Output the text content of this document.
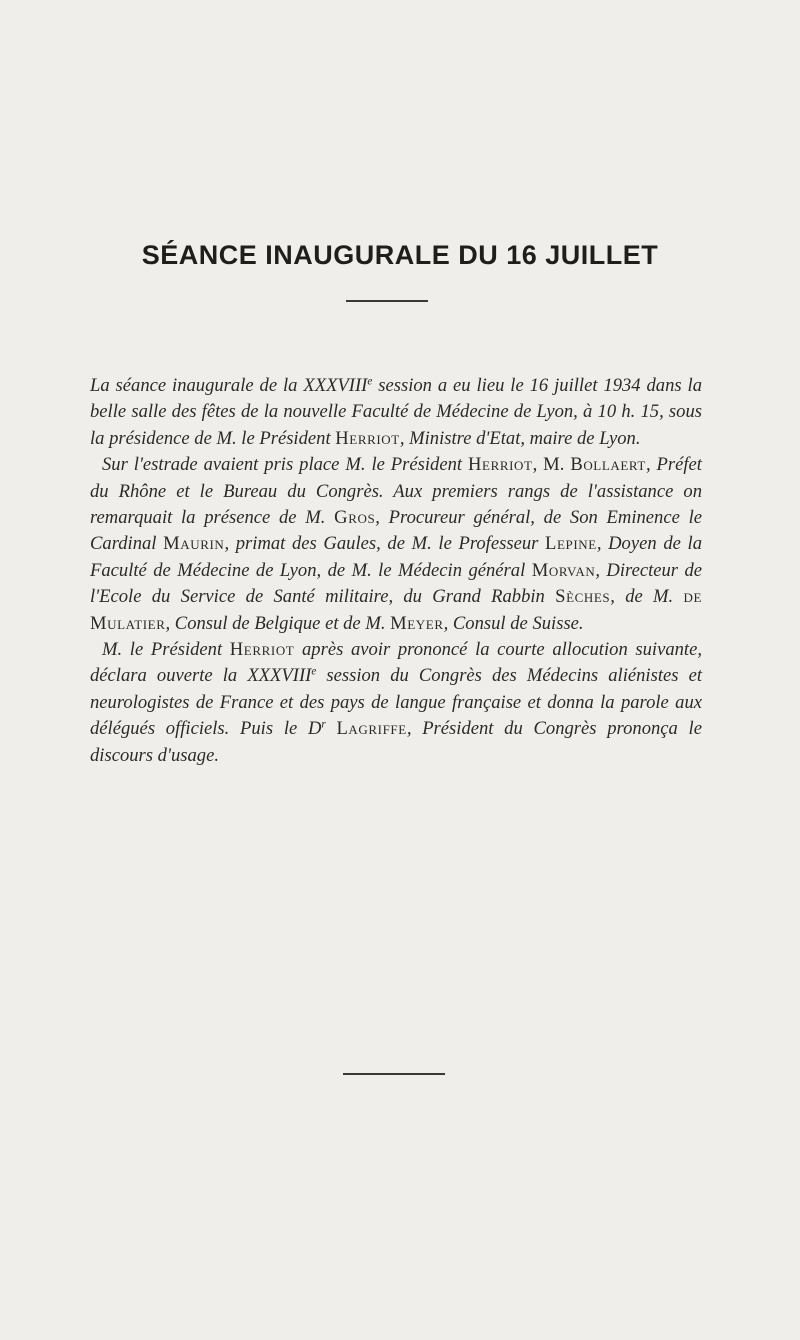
SÉANCE INAUGURALE DU 16 JUILLET

La séance inaugurale de la XXXVIIIe session a eu lieu le 16 juillet 1934 dans la belle salle des fêtes de la nouvelle Faculté de Médecine de Lyon, à 10 h. 15, sous la présidence de M. le Président Herriot, Ministre d'Etat, maire de Lyon.

Sur l'estrade avaient pris place M. le Président Herriot, M. Bollaert, Préfet du Rhône et le Bureau du Congrès. Aux premiers rangs de l'assistance on remarquait la présence de M. Gros, Procureur général, de Son Eminence le Cardinal Maurin, primat des Gaules, de M. le Professeur Lepine, Doyen de la Faculté de Médecine de Lyon, de M. le Médecin général Morvan, Directeur de l'Ecole du Service de Santé militaire, du Grand Rabbin Sèches, de M. de Mulatier, Consul de Belgique et de M. Meyer, Consul de Suisse.

M. le Président Herriot après avoir prononcé la courte allocution suivante, déclara ouverte la XXXVIIIe session du Congrès des Médecins aliénistes et neurologistes de France et des pays de langue française et donna la parole aux délégués officiels. Puis le $D^r$ Lagriffe, Président du Congrès prononça le discours d'usage.
